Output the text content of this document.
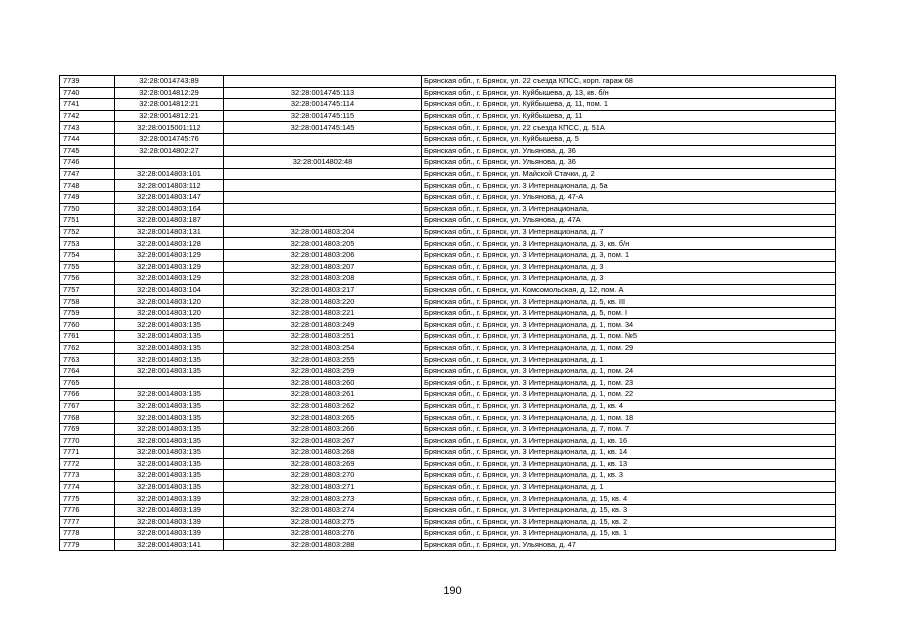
7739	32:28:0014743:89		Брянская обл., г. Брянск, ул. 22 съезда КПСС, корп. гараж 68
7740	32:28:0014812:29	32:28:0014745:113	Брянская обл., г. Брянск, ул. Куйбышева, д. 13, кв. б/н
7741	32:28:0014812:21	32:28:0014745:114	Брянская обл., г. Брянск, ул. Куйбышева, д. 11, пом. 1
7742	32:28:0014812:21	32:28:0014745:115	Брянская обл., г. Брянск, ул. Куйбышева, д. 11
7743	32:28:0015001:112	32:28:0014745:145	Брянская обл., г. Брянск, ул. 22 съезда КПСС, д. 51А
7744	32:28:0014745:76		Брянская обл., г. Брянск, ул. Куйбышева, д. 5
7745	32:28:0014802:27		Брянская обл., г. Брянск, ул. Ульянова, д. 36
7746		32:28:0014802:48	Брянская обл., г. Брянск, ул. Ульянова, д. 36
7747	32:28:0014803:101		Брянская обл., г. Брянск, ул. Майской Стачки, д. 2
7748	32:28:0014803:112		Брянская обл., г. Брянск, ул. 3 Интернационала, д. 5а
7749	32:28:0014803:147		Брянская обл., г. Брянск, ул. Ульянова, д. 47-А
7750	32:28:0014803:164		Брянская обл., г. Брянск, ул. 3 Интернационала,
7751	32:28:0014803:187		Брянская обл., г. Брянск, ул. Ульянова, д. 47А
7752	32:28:0014803:131	32:28:0014803:204	Брянская обл., г. Брянск, ул. 3 Интернационала, д. 7
7753	32:28:0014803:128	32:28:0014803:205	Брянская обл., г. Брянск, ул. 3 Интернационала, д. 3, кв. б/н
7754	32:28:0014803:129	32:28:0014803:206	Брянская обл., г. Брянск, ул. 3 Интернационала, д. 3, пом. 1
7755	32:28:0014803:129	32:28:0014803:207	Брянская обл., г. Брянск, ул. 3 Интернационала, д. 3
7756	32:28:0014803:129	32:28:0014803:208	Брянская обл., г. Брянск, ул. 3 Интернационала, д. 3
7757	32:28:0014803:104	32:28:0014803:217	Брянская обл., г. Брянск, ул. Комсомольская, д. 12, пом. А
7758	32:28:0014803:120	32:28:0014803:220	Брянская обл., г. Брянск, ул. 3 Интернационала, д. 5, кв. III
7759	32:28:0014803:120	32:28:0014803:221	Брянская обл., г. Брянск, ул. 3 Интернационала, д. 5, пом. I
7760	32:28:0014803:135	32:28:0014803:249	Брянская обл., г. Брянск, ул. 3 Интернационала, д. 1, пом. 34
7761	32:28:0014803:135	32:28:0014803:251	Брянская обл., г. Брянск, ул. 3 Интернационала, д. 1, пом. №5
7762	32:28:0014803:135	32:28:0014803:254	Брянская обл., г. Брянск, ул. 3 Интернационала, д. 1, пом. 29
7763	32:28:0014803:135	32:28:0014803:255	Брянская обл., г. Брянск, ул. 3 Интернационала, д. 1
7764	32:28:0014803:135	32:28:0014803:259	Брянская обл., г. Брянск, ул. 3 Интернационала, д. 1, пом. 24
7765		32:28:0014803:260	Брянская обл., г. Брянск, ул. 3 Интернационала, д. 1, пом. 23
7766	32:28:0014803:135	32:28:0014803:261	Брянская обл., г. Брянск, ул. 3 Интернационала, д. 1, пом. 22
7767	32:28:0014803:135	32:28:0014803:262	Брянская обл., г. Брянск, ул. 3 Интернационала, д. 1, кв. 4
7768	32:28:0014803:135	32:28:0014803:265	Брянская обл., г. Брянск, ул. 3 Интернационала, д. 1, пом. 18
7769	32:28:0014803:135	32:28:0014803:266	Брянская обл., г. Брянск, ул. 3 Интернационала, д. 7, пом. 7
7770	32:28:0014803:135	32:28:0014803:267	Брянская обл., г. Брянск, ул. 3 Интернационала, д. 1, кв. 16
7771	32:28:0014803:135	32:28:0014803:268	Брянская обл., г. Брянск, ул. 3 Интернационала, д. 1, кв. 14
7772	32:28:0014803:135	32:28:0014803:269	Брянская обл., г. Брянск, ул. 3 Интернационала, д. 1, кв. 13
7773	32:28:0014803:135	32:28:0014803:270	Брянская обл., г. Брянск, ул. 3 Интернационала, д. 1, кв. 3
7774	32:28:0014803:135	32:28:0014803:271	Брянская обл., г. Брянск, ул. 3 Интернационала, д. 1
7775	32:28:0014803:139	32:28:0014803:273	Брянская обл., г. Брянск, ул. 3 Интернационала, д. 15, кв. 4
7776	32:28:0014803:139	32:28:0014803:274	Брянская обл., г. Брянск, ул. 3 Интернационала, д. 15, кв. 3
7777	32:28:0014803:139	32:28:0014803:275	Брянская обл., г. Брянск, ул. 3 Интернационала, д. 15, кв. 2
7778	32:28:0014803:139	32:28:0014803:276	Брянская обл., г. Брянск, ул. 3 Интернационала, д. 15, кв. 1
7779	32:28:0014803:141	32:28:0014803:288	Брянская обл., г. Брянск, ул. Ульянова, д. 47
190
